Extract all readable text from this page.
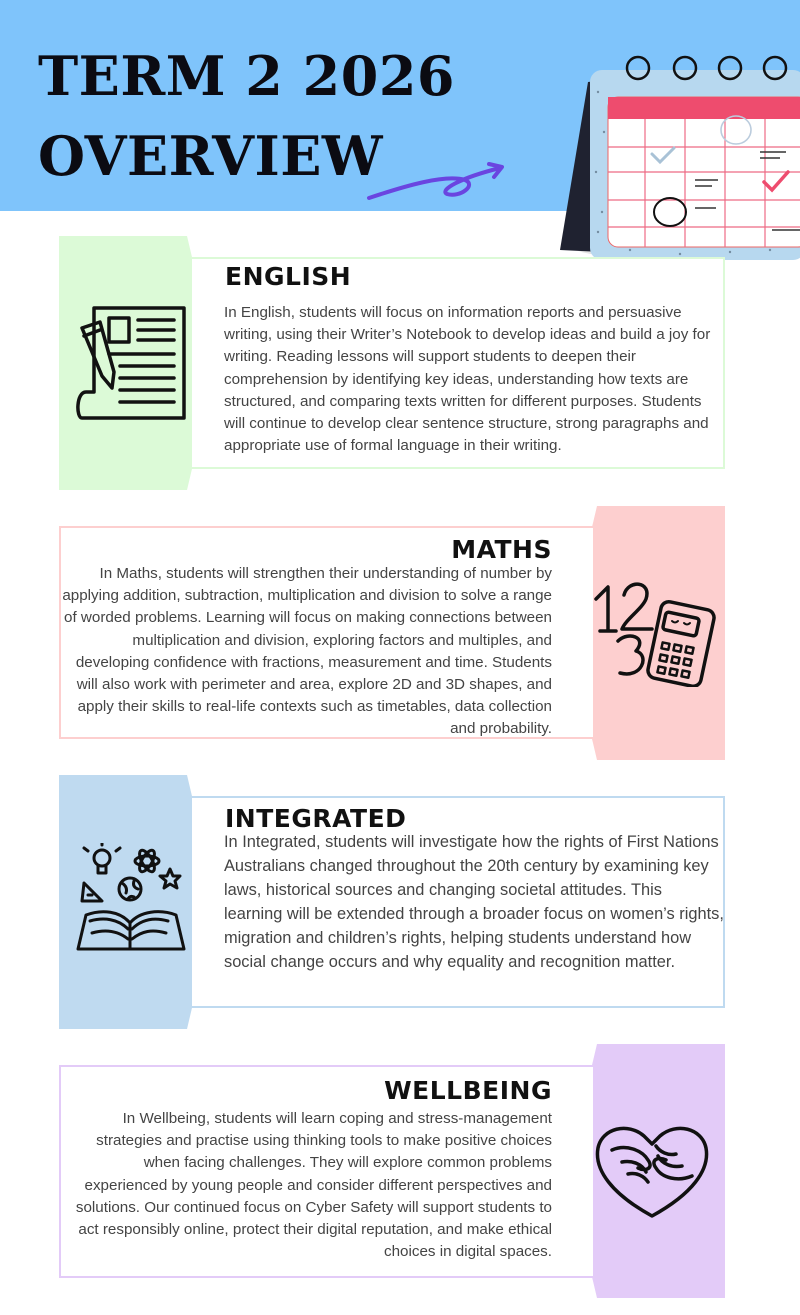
TERM 2 2026
OVERVIEW
ENGLISH

In English, students will focus on information reports and persuasive writing, using their Writer’s Notebook to develop ideas and build a joy for writing. Reading lessons will support students to deepen their comprehension by identifying key ideas, understanding how texts are structured, and comparing texts written for different purposes. Students will continue to develop clear sentence structure, strong paragraphs and appropriate use of formal language in their writing.

MATHS

In Maths, students will strengthen their understanding of number by applying addition, subtraction, multiplication and division to solve a range of worded problems. Learning will focus on making connections between multiplication and division, exploring factors and multiples, and developing confidence with fractions, measurement and time. Students will also work with perimeter and area, explore 2D and 3D shapes, and apply their skills to real-life contexts such as timetables, data collection and probability.

INTEGRATED

In Integrated, students will investigate how the rights of First Nations Australians changed throughout the 20th century by examining key laws, historical sources and changing societal attitudes. This learning will be extended through a broader focus on women’s rights, migration and children’s rights, helping students understand how social change occurs and why equality and recognition matter.

WELLBEING

In Wellbeing, students will learn coping and stress-management strategies and practise using thinking tools to make positive choices when facing challenges. They will explore common problems experienced by young people and consider different perspectives and solutions. Our continued focus on Cyber Safety will support students to act responsibly online, protect their digital reputation, and make ethical choices in digital spaces.
